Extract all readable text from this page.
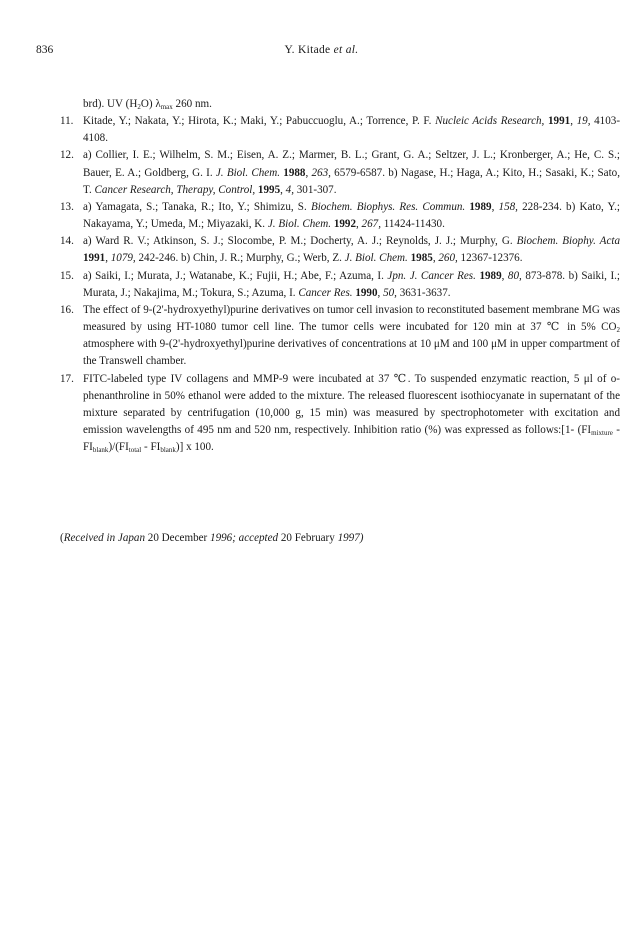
836	Y. Kitade et al.
brd). UV $(H_2O)$ $\lambda_{max}$ 260 nm.
11. Kitade, Y.; Nakata, Y.; Hirota, K.; Maki, Y.; Pabuccuoglu, A.; Torrence, P. F. Nucleic Acids Research, 1991, 19, 4103-4108.
12. a) Collier, I. E.; Wilhelm, S. M.; Eisen, A. Z.; Marmer, B. L.; Grant, G. A.; Seltzer, J. L.; Kronberger, A.; He, C. S.; Bauer, E. A.; Goldberg, G. I. J. Biol. Chem. 1988, 263, 6579-6587. b) Nagase, H.; Haga, A.; Kito, H.; Sasaki, K.; Sato, T. Cancer Research, Therapy, Control, 1995, 4, 301-307.
13. a) Yamagata, S.; Tanaka, R.; Ito, Y.; Shimizu, S. Biochem. Biophys. Res. Commun. 1989, 158, 228-234. b) Kato, Y.; Nakayama, Y.; Umeda, M.; Miyazaki, K. J. Biol. Chem. 1992, 267, 11424-11430.
14. a) Ward R. V.; Atkinson, S. J.; Slocombe, P. M.; Docherty, A. J.; Reynolds, J. J.; Murphy, G. Biochem. Biophy. Acta 1991, 1079, 242-246. b) Chin, J. R.; Murphy, G.; Werb, Z. J. Biol. Chem. 1985, 260, 12367-12376.
15. a) Saiki, I.; Murata, J.; Watanabe, K.; Fujii, H.; Abe, F.; Azuma, I. Jpn. J. Cancer Res. 1989, 80, 873-878. b) Saiki, I.; Murata, J.; Nakajima, M.; Tokura, S.; Azuma, I. Cancer Res. 1990, 50, 3631-3637.
16. The effect of 9-(2'-hydroxyethyl)purine derivatives on tumor cell invasion to reconstituted basement membrane MG was measured by using HT-1080 tumor cell line. The tumor cells were incubated for 120 min at 37 ℃ in 5% $CO_2$ atmosphere with 9-(2'-hydroxyethyl)purine derivatives of concentrations at 10 μM and 100 μM in upper compartment of the Transwell chamber.
17. FITC-labeled type IV collagens and MMP-9 were incubated at 37 ℃. To suspended enzymatic reaction, 5 μl of o-phenanthroline in 50% ethanol were added to the mixture. The released fluorescent isothiocyanate in supernatant of the mixture separated by centrifugation (10,000 g, 15 min) was measured by spectrophotometer with excitation and emission wavelengths of 495 nm and 520 nm, respectively. Inhibition ratio (%) was expressed as follows:[1- $(FI_{mixture} - FI_{blank})/(FI_{total} - FI_{blank})$] x 100.
(Received in Japan 20 December 1996; accepted 20 February 1997)
